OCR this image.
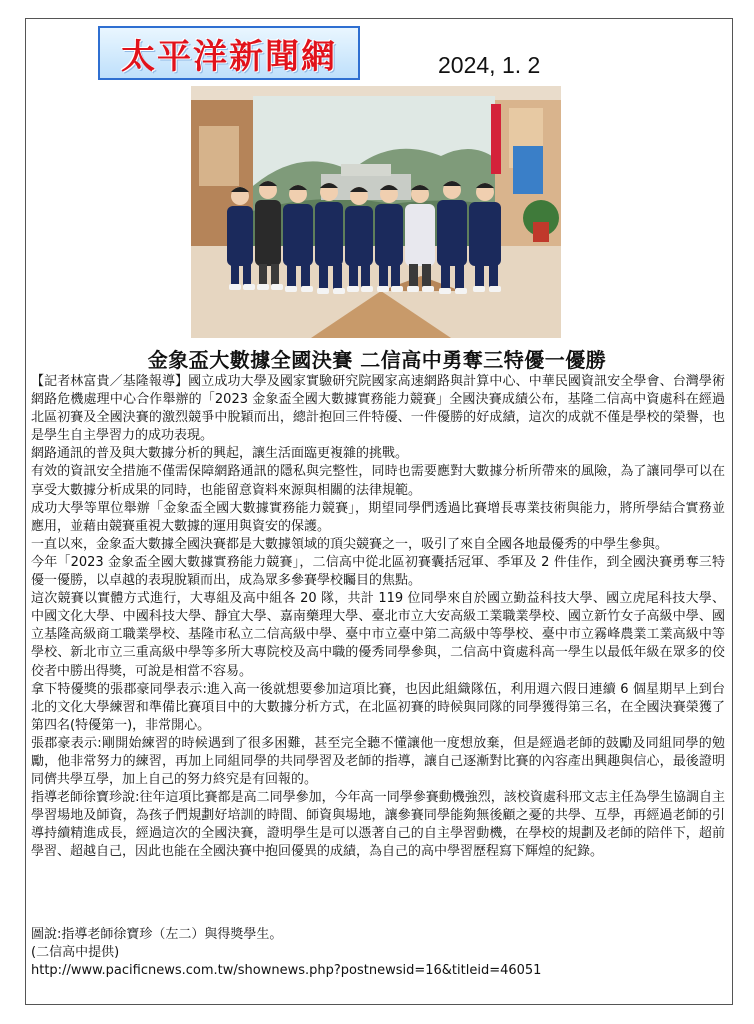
太平洋新聞網	2024, 1. 2
金象盃大數據全國決賽 二信高中勇奪三特優一優勝

【記者林富貴／基隆報導】國立成功大學及國家實驗研究院國家高速網路與計算中心、中華民國資訊安全學會、台灣學術網路危機處理中心合作舉辦的「2023 金象盃全國大數據實務能力競賽」全國決賽成績公布，基隆二信高中資處科在經過北區初賽及全國決賽的激烈競爭中脫穎而出，總計抱回三件特優、一件優勝的好成績，這次的成就不僅是學校的榮譽，也是學生自主學習力的成功表現。

網路通訊的普及與大數據分析的興起，讓生活面臨更複雜的挑戰。

有效的資訊安全措施不僅需保障網路通訊的隱私與完整性，同時也需要應對大數據分析所帶來的風險，為了讓同學可以在享受大數據分析成果的同時，也能留意資料來源與相關的法律規範。

成功大學等單位舉辦「金象盃全國大數據實務能力競賽」，期望同學們透過比賽增長專業技術與能力，將所學結合實務並應用，並藉由競賽重視大數據的運用與資安的保護。

一直以來，金象盃大數據全國決賽都是大數據領域的頂尖競賽之一，吸引了來自全國各地最優秀的中學生參與。

今年「2023 金象盃全國大數據實務能力競賽」，二信高中從北區初賽囊括冠軍、季軍及 2 件佳作，到全國決賽勇奪三特優一優勝，以卓越的表現脫穎而出，成為眾多參賽學校矚目的焦點。

這次競賽以實體方式進行，大專組及高中組各 20 隊，共計 119 位同學來自於國立勤益科技大學、國立虎尾科技大學、中國文化大學、中國科技大學、靜宜大學、嘉南藥理大學、臺北市立大安高級工業職業學校、國立新竹女子高級中學、國立基隆高級商工職業學校、基隆市私立二信高級中學、臺中市立臺中第二高級中等學校、臺中市立霧峰農業工業高級中等學校、新北市立三重高級中學等多所大專院校及高中職的優秀同學參與，二信高中資處科高一學生以最低年級在眾多的佼佼者中勝出得獎，可說是相當不容易。

拿下特優獎的張郡豪同學表示:進入高一後就想要參加這項比賽，也因此組織隊伍，利用週六假日連續 6 個星期早上到台北的文化大學練習和準備比賽項目中的大數據分析方式，在北區初賽的時候與同隊的同學獲得第三名，在全國決賽榮獲了第四名(特優第一)，非常開心。

張郡豪表示:剛開始練習的時候遇到了很多困難，甚至完全聽不懂讓他一度想放棄，但是經過老師的鼓勵及同組同學的勉勵，他非常努力的練習，再加上同組同學的共同學習及老師的指導，讓自己逐漸對比賽的內容產出興趣與信心，最後證明同儕共學互學，加上自己的努力終究是有回報的。

指導老師徐寶珍說:往年這項比賽都是高二同學參加，今年高一同學參賽動機強烈，該校資處科邢文志主任為學生協調自主學習場地及師資，為孩子們規劃好培訓的時間、師資與場地，讓參賽同學能夠無後顧之憂的共學、互學，再經過老師的引導持續精進成長，經過這次的全國決賽，證明學生是可以憑著自己的自主學習動機，在學校的規劃及老師的陪伴下，超前學習、超越自己，因此也能在全國決賽中抱回優異的成績，為自己的高中學習歷程寫下輝煌的紀錄。

圖說:指導老師徐寶珍（左二）與得獎學生。
(二信高中提供)
http://www.pacificnews.com.tw/shownews.php?postnewsid=16&titleid=46051
